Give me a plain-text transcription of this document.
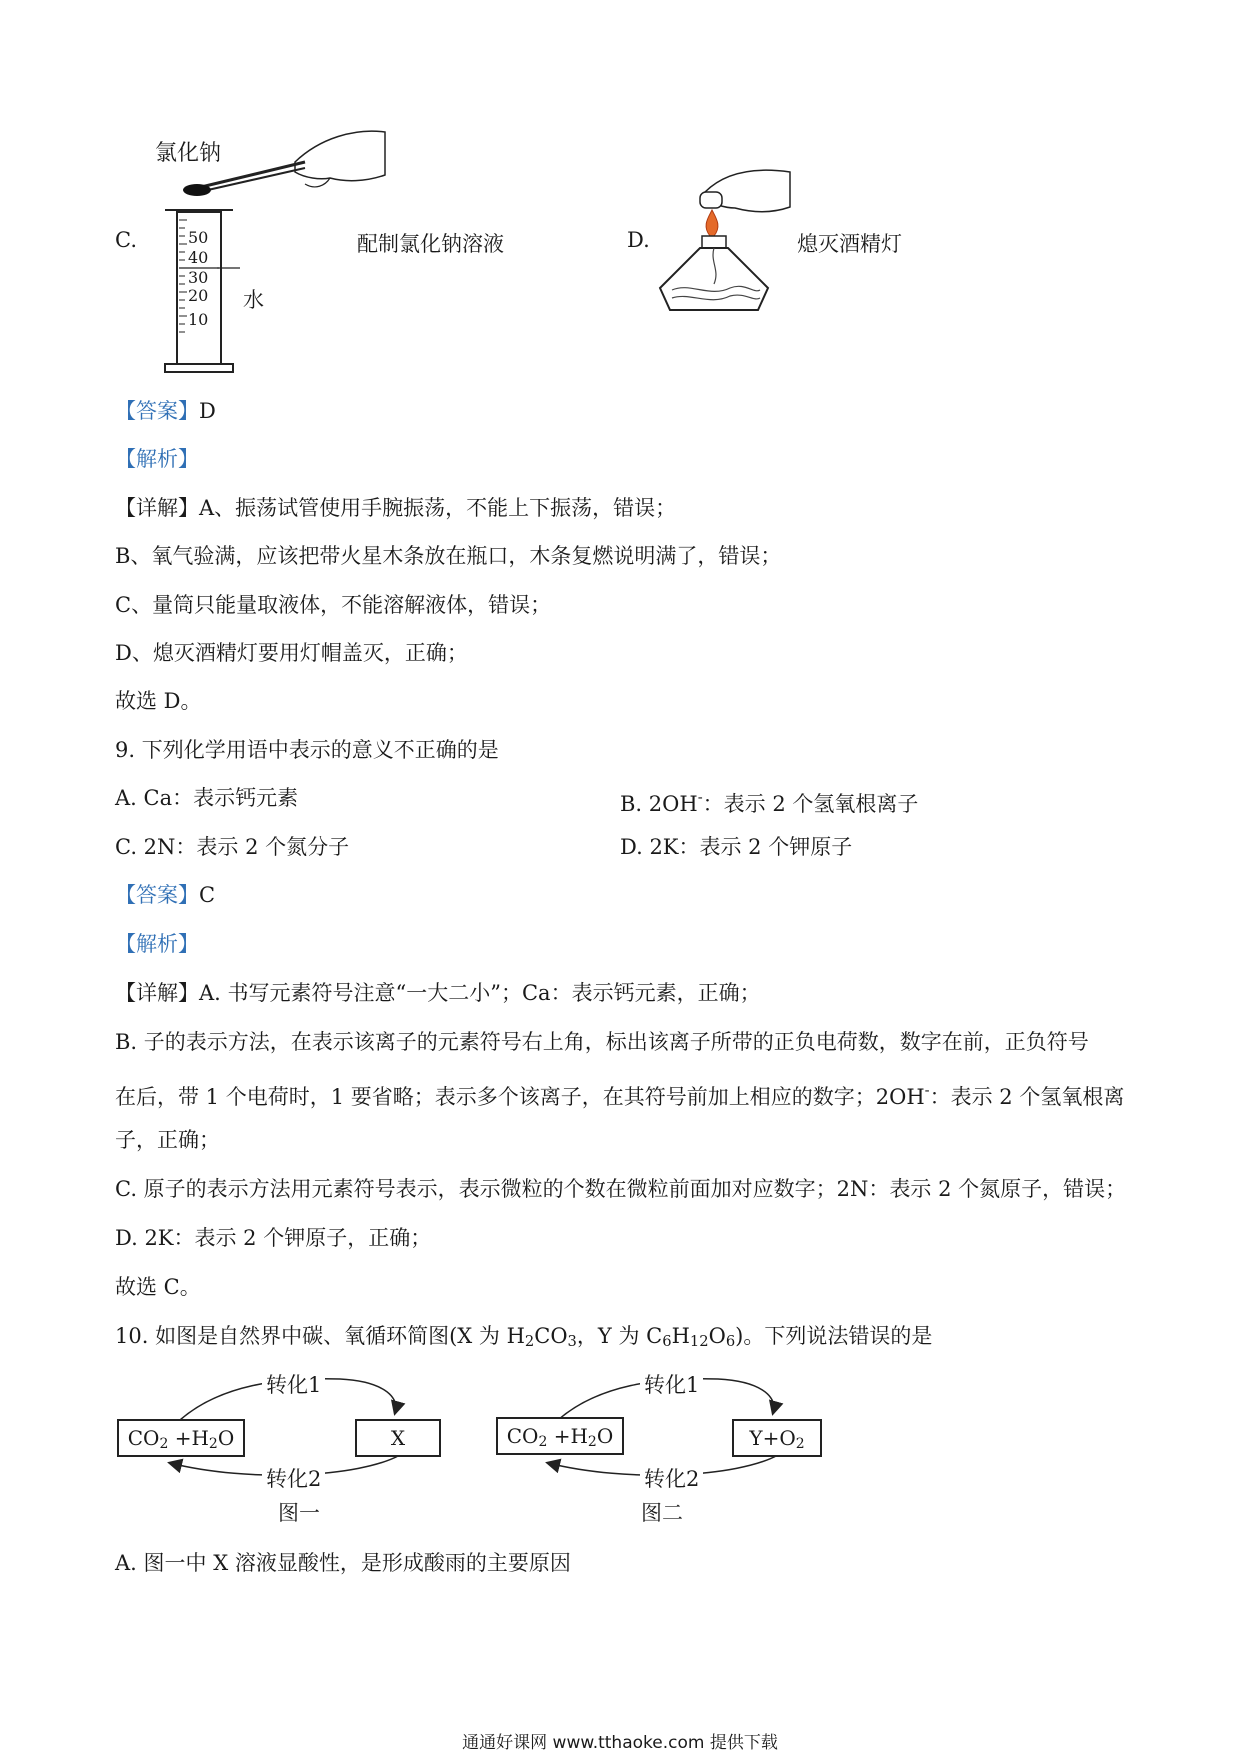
C.
氯化钠
50
40
30
20
10
水
配制氯化钠溶液	D.	熄灭酒精灯
【答案】D
【解析】
【详解】A、振荡试管使用手腕振荡，不能上下振荡，错误；
B、氧气验满，应该把带火星木条放在瓶口，木条复燃说明满了，错误；
C、量筒只能量取液体，不能溶解液体，错误；
D、熄灭酒精灯要用灯帽盖灭，正确；
故选 D。
9. 下列化学用语中表示的意义不正确的是
A. Ca：表示钙元素	B. 2OH-：表示 2 个氢氧根离子
C. 2N：表示 2 个氮分子	D. 2K：表示 2 个钾原子
【答案】C
【解析】
【详解】A. 书写元素符号注意“一大二小”；Ca：表示钙元素，正确；
B. 子的表示方法，在表示该离子的元素符号右上角，标出该离子所带的正负电荷数，数字在前，正负符号
在后，带 1 个电荷时，1 要省略；表示多个该离子，在其符号前加上相应的数字；2OH-：表示 2 个氢氧根离
子，正确；
C. 原子的表示方法用元素符号表示，表示微粒的个数在微粒前面加对应数字；2N：表示 2 个氮原子，错误；
D. 2K：表示 2 个钾原子，正确；
故选 C。
10. 如图是自然界中碳、氧循环简图(X 为 $H_2CO_3$，Y 为 $C_6H_{12}O_6$)。下列说法错误的是
转化1
$CO_2 +H_2O$	X
转化2
图一
转化1
$CO_2 +H_2O$	$Y+O_2$
转化2
图二
A. 图一中 X 溶液显酸性，是形成酸雨的主要原因
通通好课网 www.tthaoke.com 提供下载
